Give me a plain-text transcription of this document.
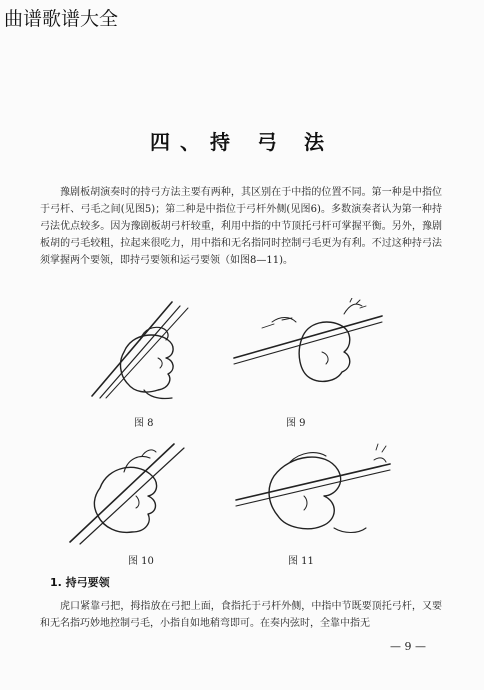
曲谱歌谱大全
四、持 弓 法
豫剧板胡演奏时的持弓方法主要有两种，其区别在于中指的位置不同。第一种是中指位于弓杆、弓毛之间(见图5)；第二种是中指位于弓杆外侧(见图6)。多数演奏者认为第一种持弓法优点较多。因为豫剧板胡弓杆较重，利用中指的中节顶托弓杆可掌握平衡。另外，豫剧板胡的弓毛较粗，拉起来很吃力，用中指和无名指同时控制弓毛更为有利。不过这种持弓法须掌握两个要领，即持弓要领和运弓要领（如图8—11)。
图 8	图 9
图 10	图 11
1. 持弓要领
虎口紧靠弓把，拇指放在弓把上面，食指托于弓杆外侧，中指中节既要顶托弓杆，又要和无名指巧妙地控制弓毛，小指自如地稍弯即可。在奏内弦时，全靠中指无
— 9 —
